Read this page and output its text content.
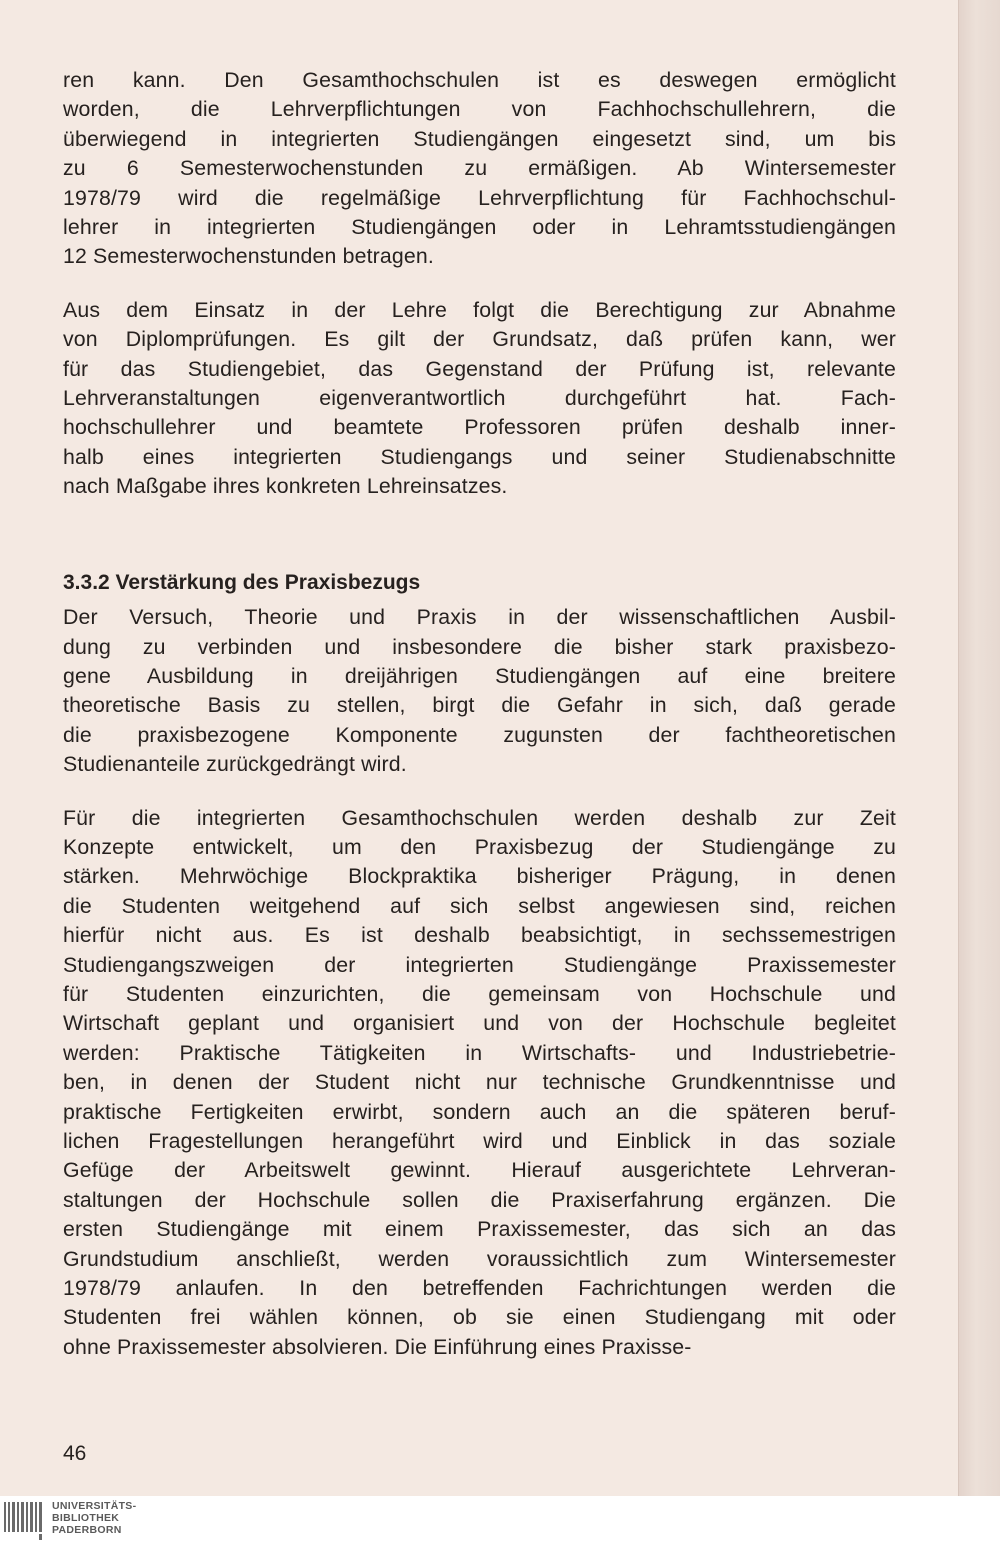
ren kann. Den Gesamthochschulen ist es deswegen ermöglicht
worden, die Lehrverpflichtungen von Fachhochschullehrern, die
überwiegend in integrierten Studiengängen eingesetzt sind, um bis
zu 6 Semesterwochenstunden zu ermäßigen. Ab Wintersemester
1978/79 wird die regelmäßige Lehrverpflichtung für Fachhochschul-
lehrer in integrierten Studiengängen oder in Lehramtsstudiengängen
12 Semesterwochenstunden betragen.

Aus dem Einsatz in der Lehre folgt die Berechtigung zur Abnahme
von Diplomprüfungen. Es gilt der Grundsatz, daß prüfen kann, wer
für das Studiengebiet, das Gegenstand der Prüfung ist, relevante
Lehrveranstaltungen eigenverantwortlich durchgeführt hat. Fach-
hochschullehrer und beamtete Professoren prüfen deshalb inner-
halb eines integrierten Studiengangs und seiner Studienabschnitte
nach Maßgabe ihres konkreten Lehreinsatzes.

3.3.2 Verstärkung des Praxisbezugs

Der Versuch, Theorie und Praxis in der wissenschaftlichen Ausbil-
dung zu verbinden und insbesondere die bisher stark praxisbezo-
gene Ausbildung in dreijährigen Studiengängen auf eine breitere
theoretische Basis zu stellen, birgt die Gefahr in sich, daß gerade
die praxisbezogene Komponente zugunsten der fachtheoretischen
Studienanteile zurückgedrängt wird.

Für die integrierten Gesamthochschulen werden deshalb zur Zeit
Konzepte entwickelt, um den Praxisbezug der Studiengänge zu
stärken. Mehrwöchige Blockpraktika bisheriger Prägung, in denen
die Studenten weitgehend auf sich selbst angewiesen sind, reichen
hierfür nicht aus. Es ist deshalb beabsichtigt, in sechssemestrigen
Studiengangszweigen der integrierten Studiengänge Praxissemester
für Studenten einzurichten, die gemeinsam von Hochschule und
Wirtschaft geplant und organisiert und von der Hochschule begleitet
werden: Praktische Tätigkeiten in Wirtschafts- und Industriebetrie-
ben, in denen der Student nicht nur technische Grundkenntnisse und
praktische Fertigkeiten erwirbt, sondern auch an die späteren beruf-
lichen Fragestellungen herangeführt wird und Einblick in das soziale
Gefüge der Arbeitswelt gewinnt. Hierauf ausgerichtete Lehrveran-
staltungen der Hochschule sollen die Praxiserfahrung ergänzen. Die
ersten Studiengänge mit einem Praxissemester, das sich an das
Grundstudium anschließt, werden voraussichtlich zum Wintersemester
1978/79 anlaufen. In den betreffenden Fachrichtungen werden die
Studenten frei wählen können, ob sie einen Studiengang mit oder
ohne Praxissemester absolvieren. Die Einführung eines Praxisse-

46
UNIVERSITÄTS-
BIBLIOTHEK
PADERBORN
